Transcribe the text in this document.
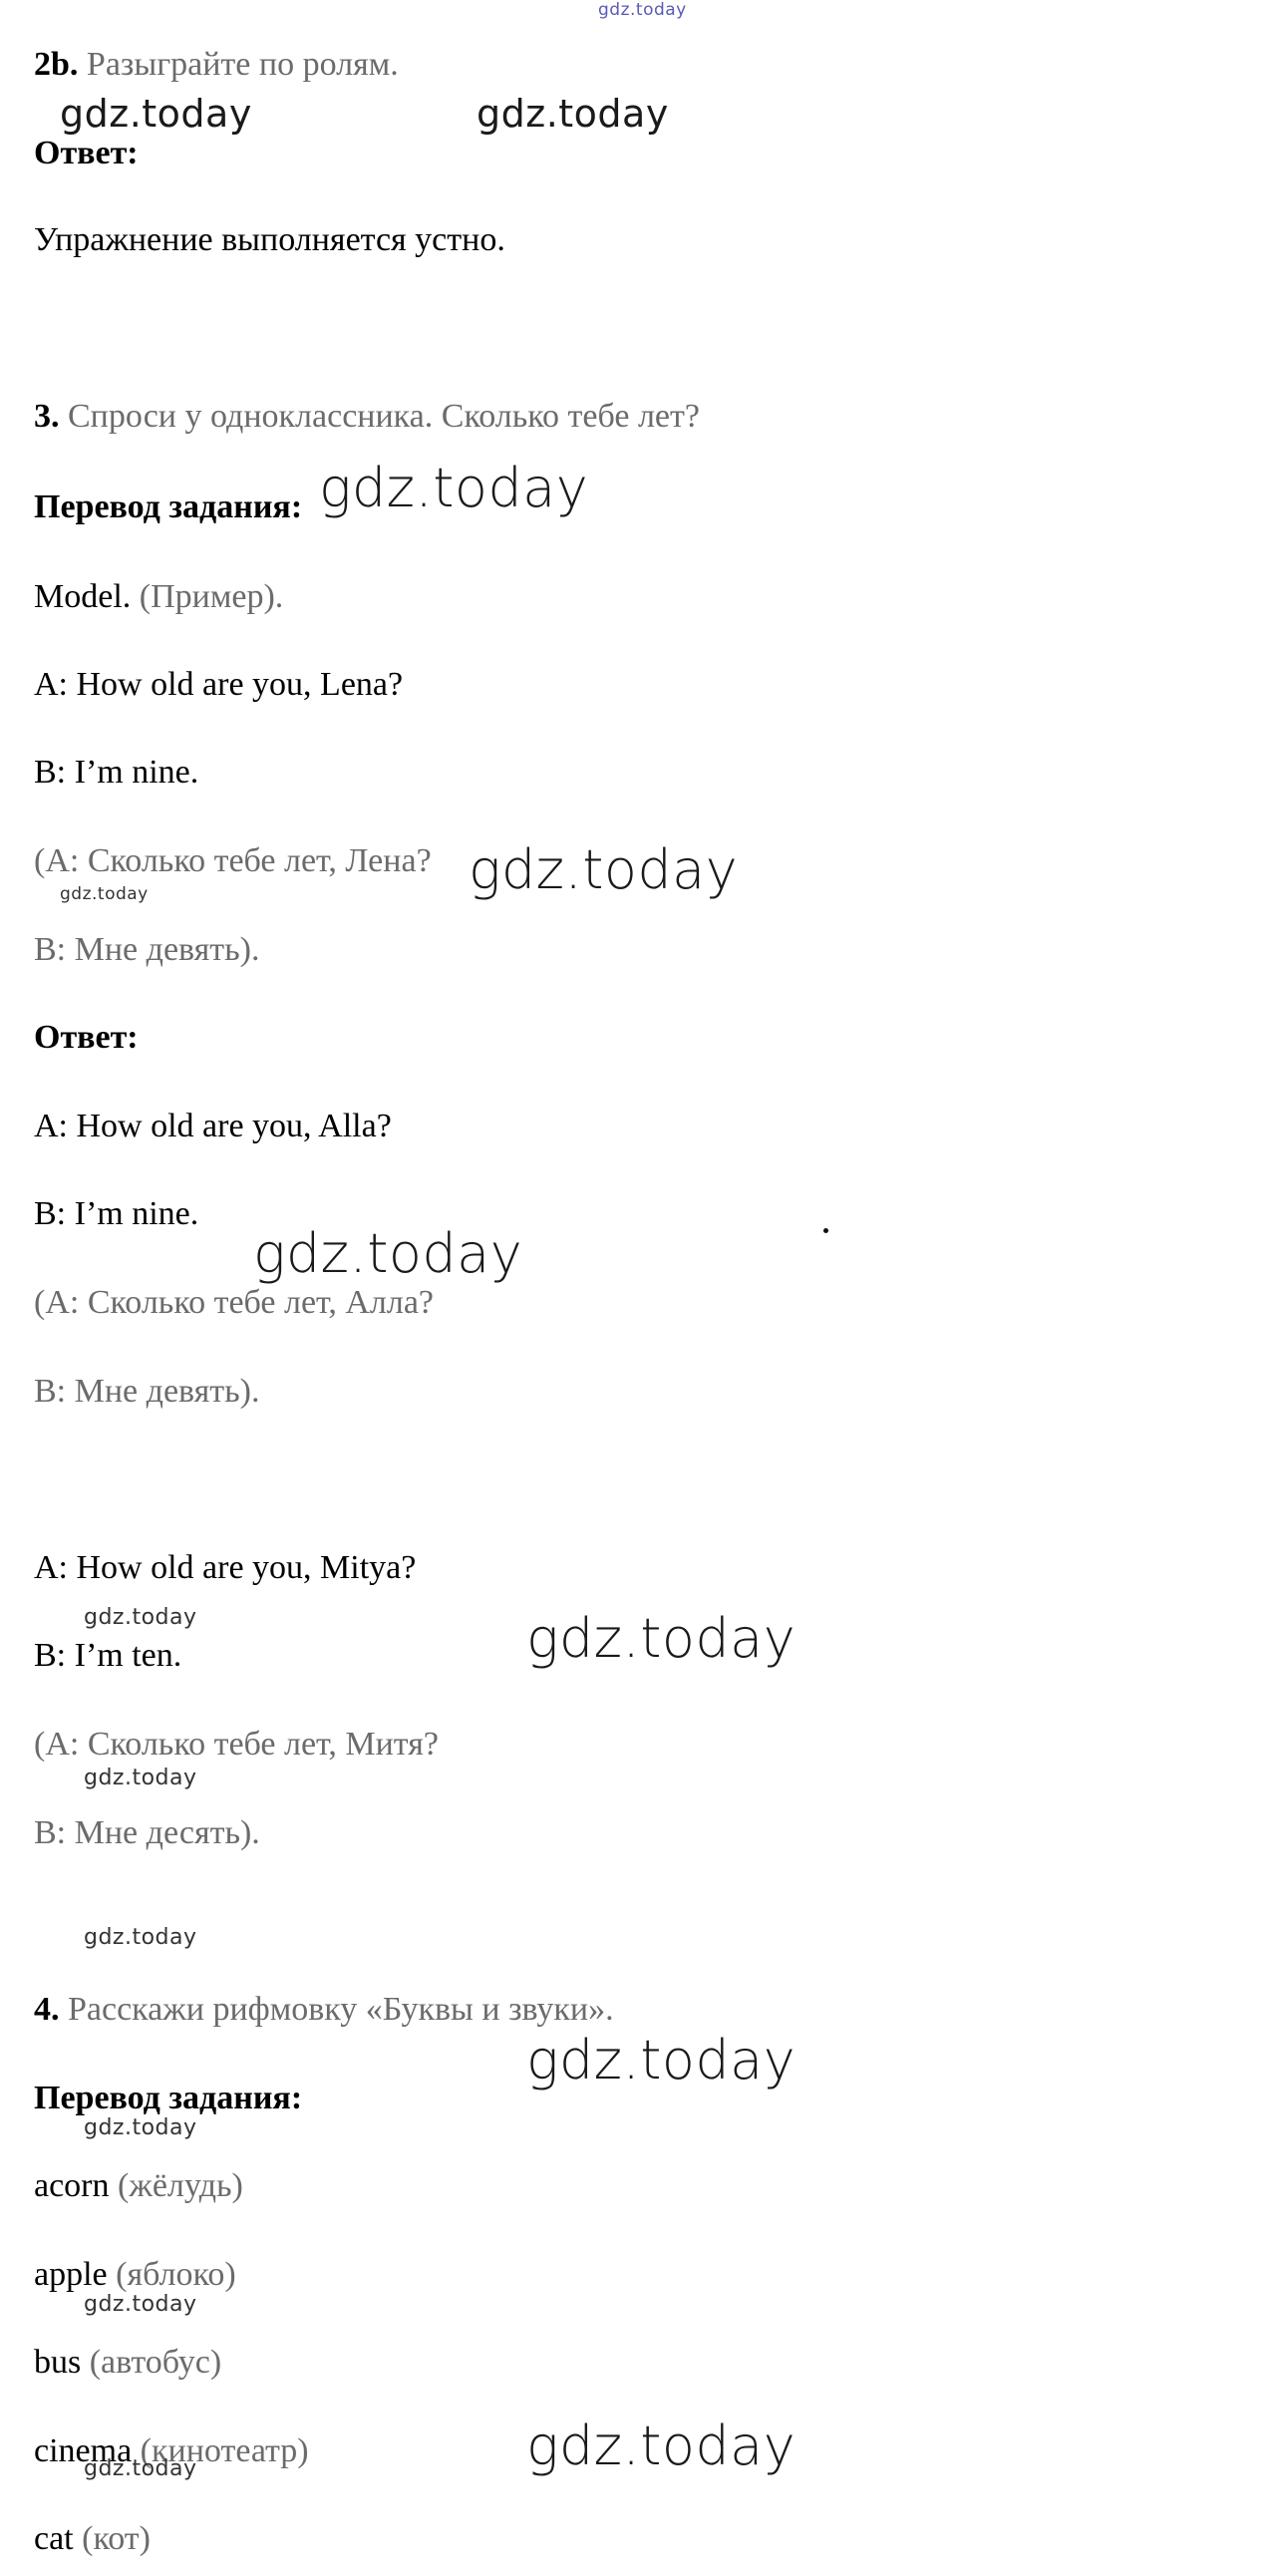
gdz.today

2b. Разыграйте по ролям.

gdz.today	gdz.today

Ответ:

Упражнение выполняется устно.

3. Спроси у одноклассника. Сколько тебе лет?

Перевод задания: gdz.today

Model. (Пример).

A: How old are you, Lena?

B: I’m nine.

(А: Сколько тебе лет, Лена? gdz.today
gdz.today

В: Мне девять).

Ответ:

A: How old are you, Alla?

B: I’m nine.

gdz.today

(А: Сколько тебе лет, Алла?

В: Мне девять).

A: How old are you, Mitya?

gdz.today	gdz.today

B: I’m ten.

(А: Сколько тебе лет, Митя?

gdz.today

В: Мне десять).

gdz.today

4. Расскажи рифмовку «Буквы и звуки».

gdz.today

Перевод задания:

gdz.today

acorn (жёлудь)

apple (яблоко)

gdz.today

bus (автобус)

gdz.today

cinema (кинотеатр)

gdz.today

cat (кот)
